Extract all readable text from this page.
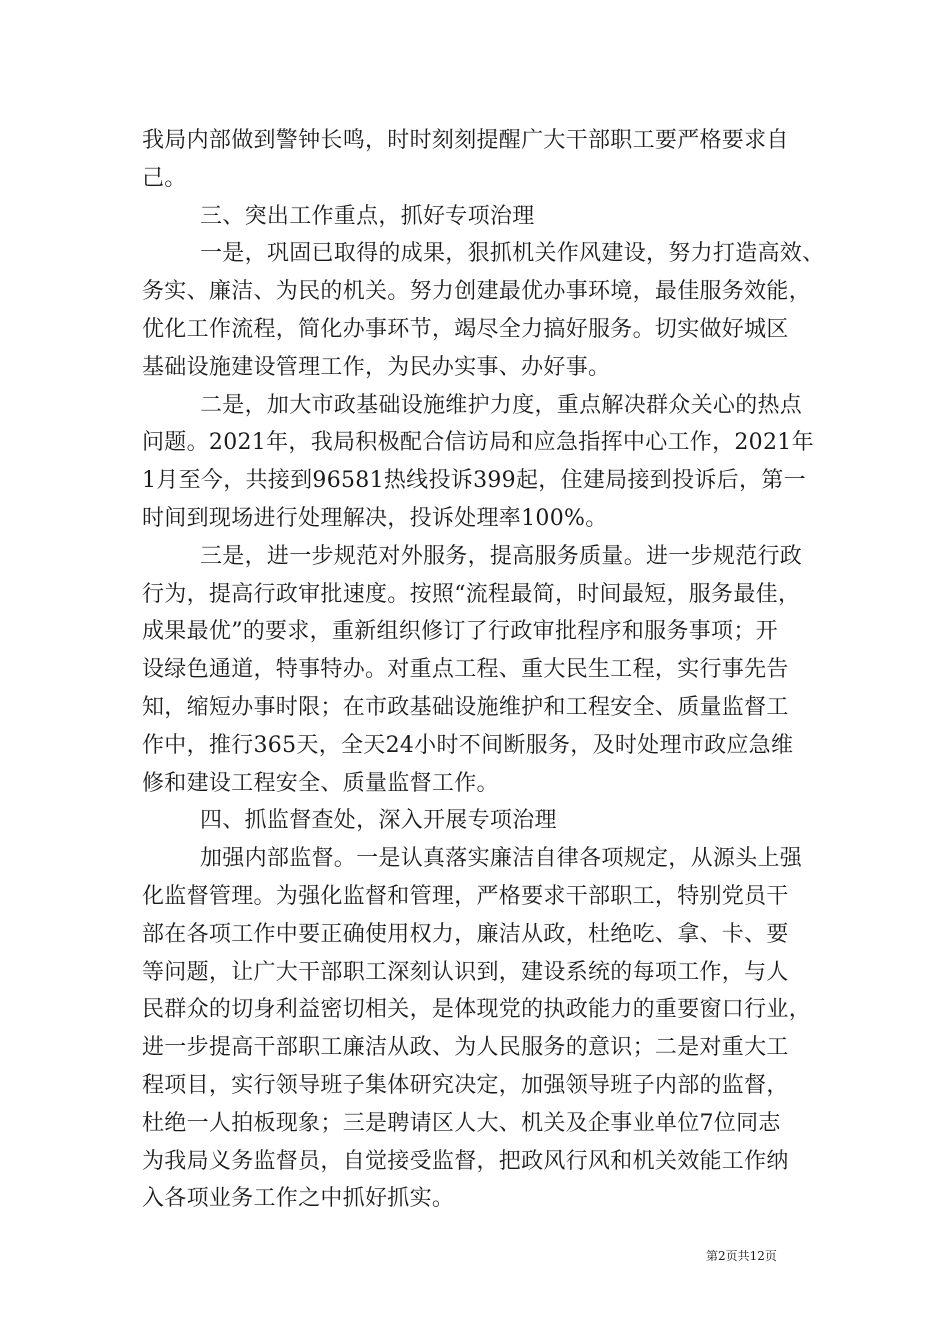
我局内部做到警钟长鸣，时时刻刻提醒广大干部职工要严格要求自
己。
三、突出工作重点，抓好专项治理
一是，巩固已取得的成果，狠抓机关作风建设，努力打造高效、
务实、廉洁、为民的机关。努力创建最优办事环境，最佳服务效能，
优化工作流程，简化办事环节，竭尽全力搞好服务。切实做好城区
基础设施建设管理工作，为民办实事、办好事。
二是，加大市政基础设施维护力度，重点解决群众关心的热点
问题。2021年，我局积极配合信访局和应急指挥中心工作，2021年
1月至今，共接到96581热线投诉399起，住建局接到投诉后，第一
时间到现场进行处理解决，投诉处理率100%。
三是，进一步规范对外服务，提高服务质量。进一步规范行政
行为，提高行政审批速度。按照“流程最简，时间最短，服务最佳，
成果最优”的要求，重新组织修订了行政审批程序和服务事项；开
设绿色通道，特事特办。对重点工程、重大民生工程，实行事先告
知，缩短办事时限；在市政基础设施维护和工程安全、质量监督工
作中，推行365天，全天24小时不间断服务，及时处理市政应急维
修和建设工程安全、质量监督工作。
四、抓监督查处，深入开展专项治理
加强内部监督。一是认真落实廉洁自律各项规定，从源头上强
化监督管理。为强化监督和管理，严格要求干部职工，特别党员干
部在各项工作中要正确使用权力，廉洁从政，杜绝吃、拿、卡、要
等问题，让广大干部职工深刻认识到，建设系统的每项工作，与人
民群众的切身利益密切相关，是体现党的执政能力的重要窗口行业，
进一步提高干部职工廉洁从政、为人民服务的意识；二是对重大工
程项目，实行领导班子集体研究决定，加强领导班子内部的监督，
杜绝一人拍板现象；三是聘请区人大、机关及企事业单位7位同志
为我局义务监督员，自觉接受监督，把政风行风和机关效能工作纳
入各项业务工作之中抓好抓实。
第2页共12页
